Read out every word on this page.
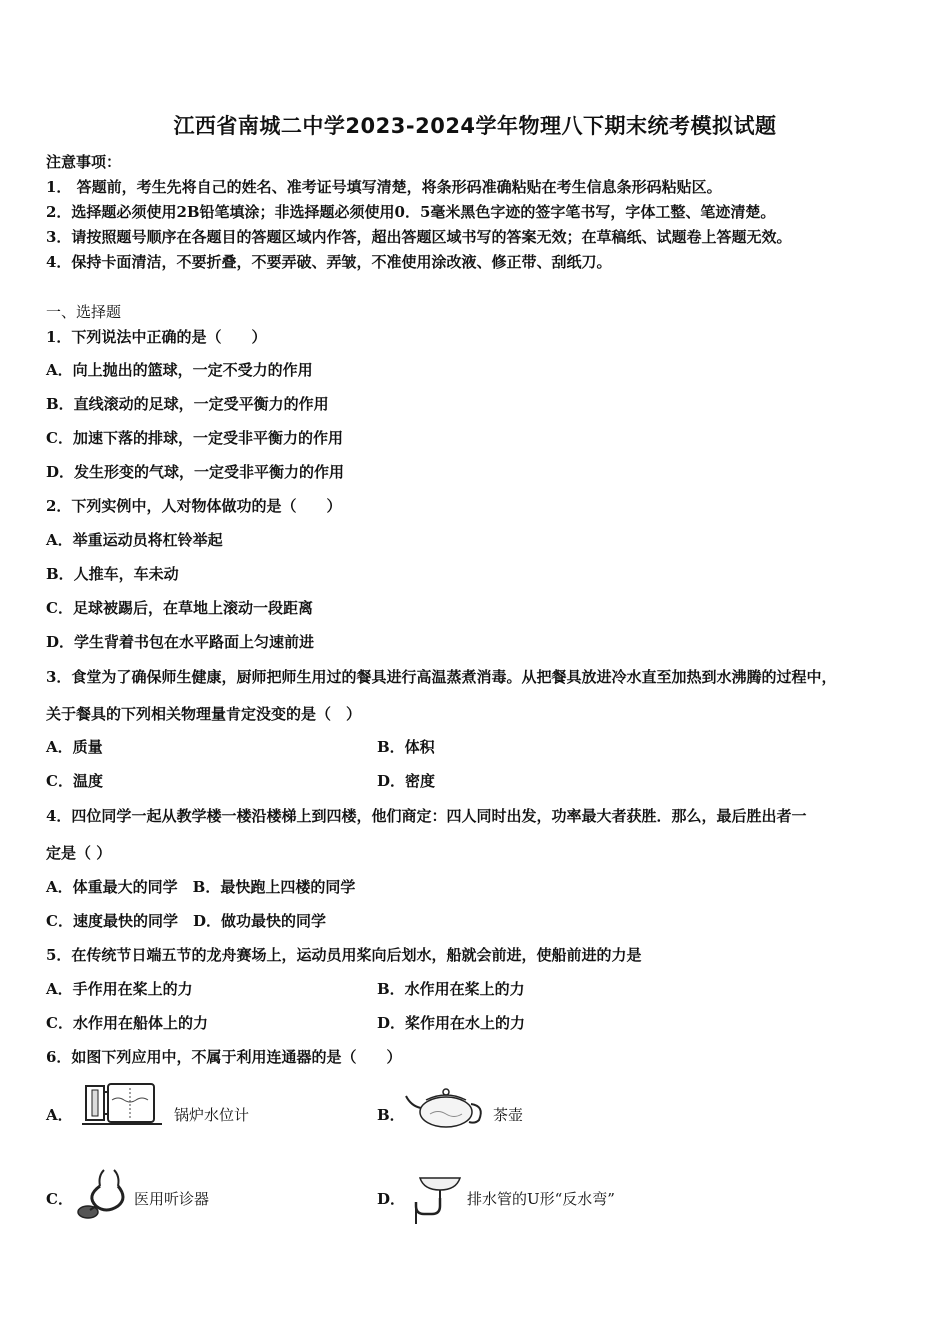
江西省南城二中学2023-2024学年物理八下期末统考模拟试题
注意事项：
1． 答题前，考生先将自己的姓名、准考证号填写清楚，将条形码准确粘贴在考生信息条形码粘贴区。
2．选择题必须使用2B铅笔填涂；非选择题必须使用0．5毫米黑色字迹的签字笔书写，字体工整、笔迹清楚。
3．请按照题号顺序在各题目的答题区域内作答，超出答题区域书写的答案无效；在草稿纸、试题卷上答题无效。
4．保持卡面清洁，不要折叠，不要弄破、弄皱，不准使用涂改液、修正带、刮纸刀。
一、选择题
1．下列说法中正确的是（　　）
A．向上抛出的篮球，一定不受力的作用
B．直线滚动的足球，一定受平衡力的作用
C．加速下落的排球，一定受非平衡力的作用
D．发生形变的气球，一定受非平衡力的作用
2．下列实例中，人对物体做功的是（　　）
A．举重运动员将杠铃举起
B．人推车，车未动
C．足球被踢后，在草地上滚动一段距离
D．学生背着书包在水平路面上匀速前进
3．食堂为了确保师生健康，厨师把师生用过的餐具进行高温蒸煮消毒。从把餐具放进冷水直至加热到水沸腾的过程中，
关于餐具的下列相关物理量肯定没变的是（　）
A．质量	B．体积
C．温度	D．密度
4．四位同学一起从教学楼一楼沿楼梯上到四楼，他们商定：四人同时出发，功率最大者获胜．那么，最后胜出者一
定是（ ）
A．体重最大的同学　B．最快跑上四楼的同学
C．速度最快的同学　D．做功最快的同学
5．在传统节日端五节的龙舟赛场上，运动员用桨向后划水，船就会前进，使船前进的力是
A．手作用在桨上的力	B．水作用在桨上的力
C．水作用在船体上的力	D．桨作用在水上的力
6．如图下列应用中，不属于利用连通器的是（　　）
A．	锅炉水位计	B．	茶壶
C．	医用听诊器	D．	排水管的U形“反水弯”
